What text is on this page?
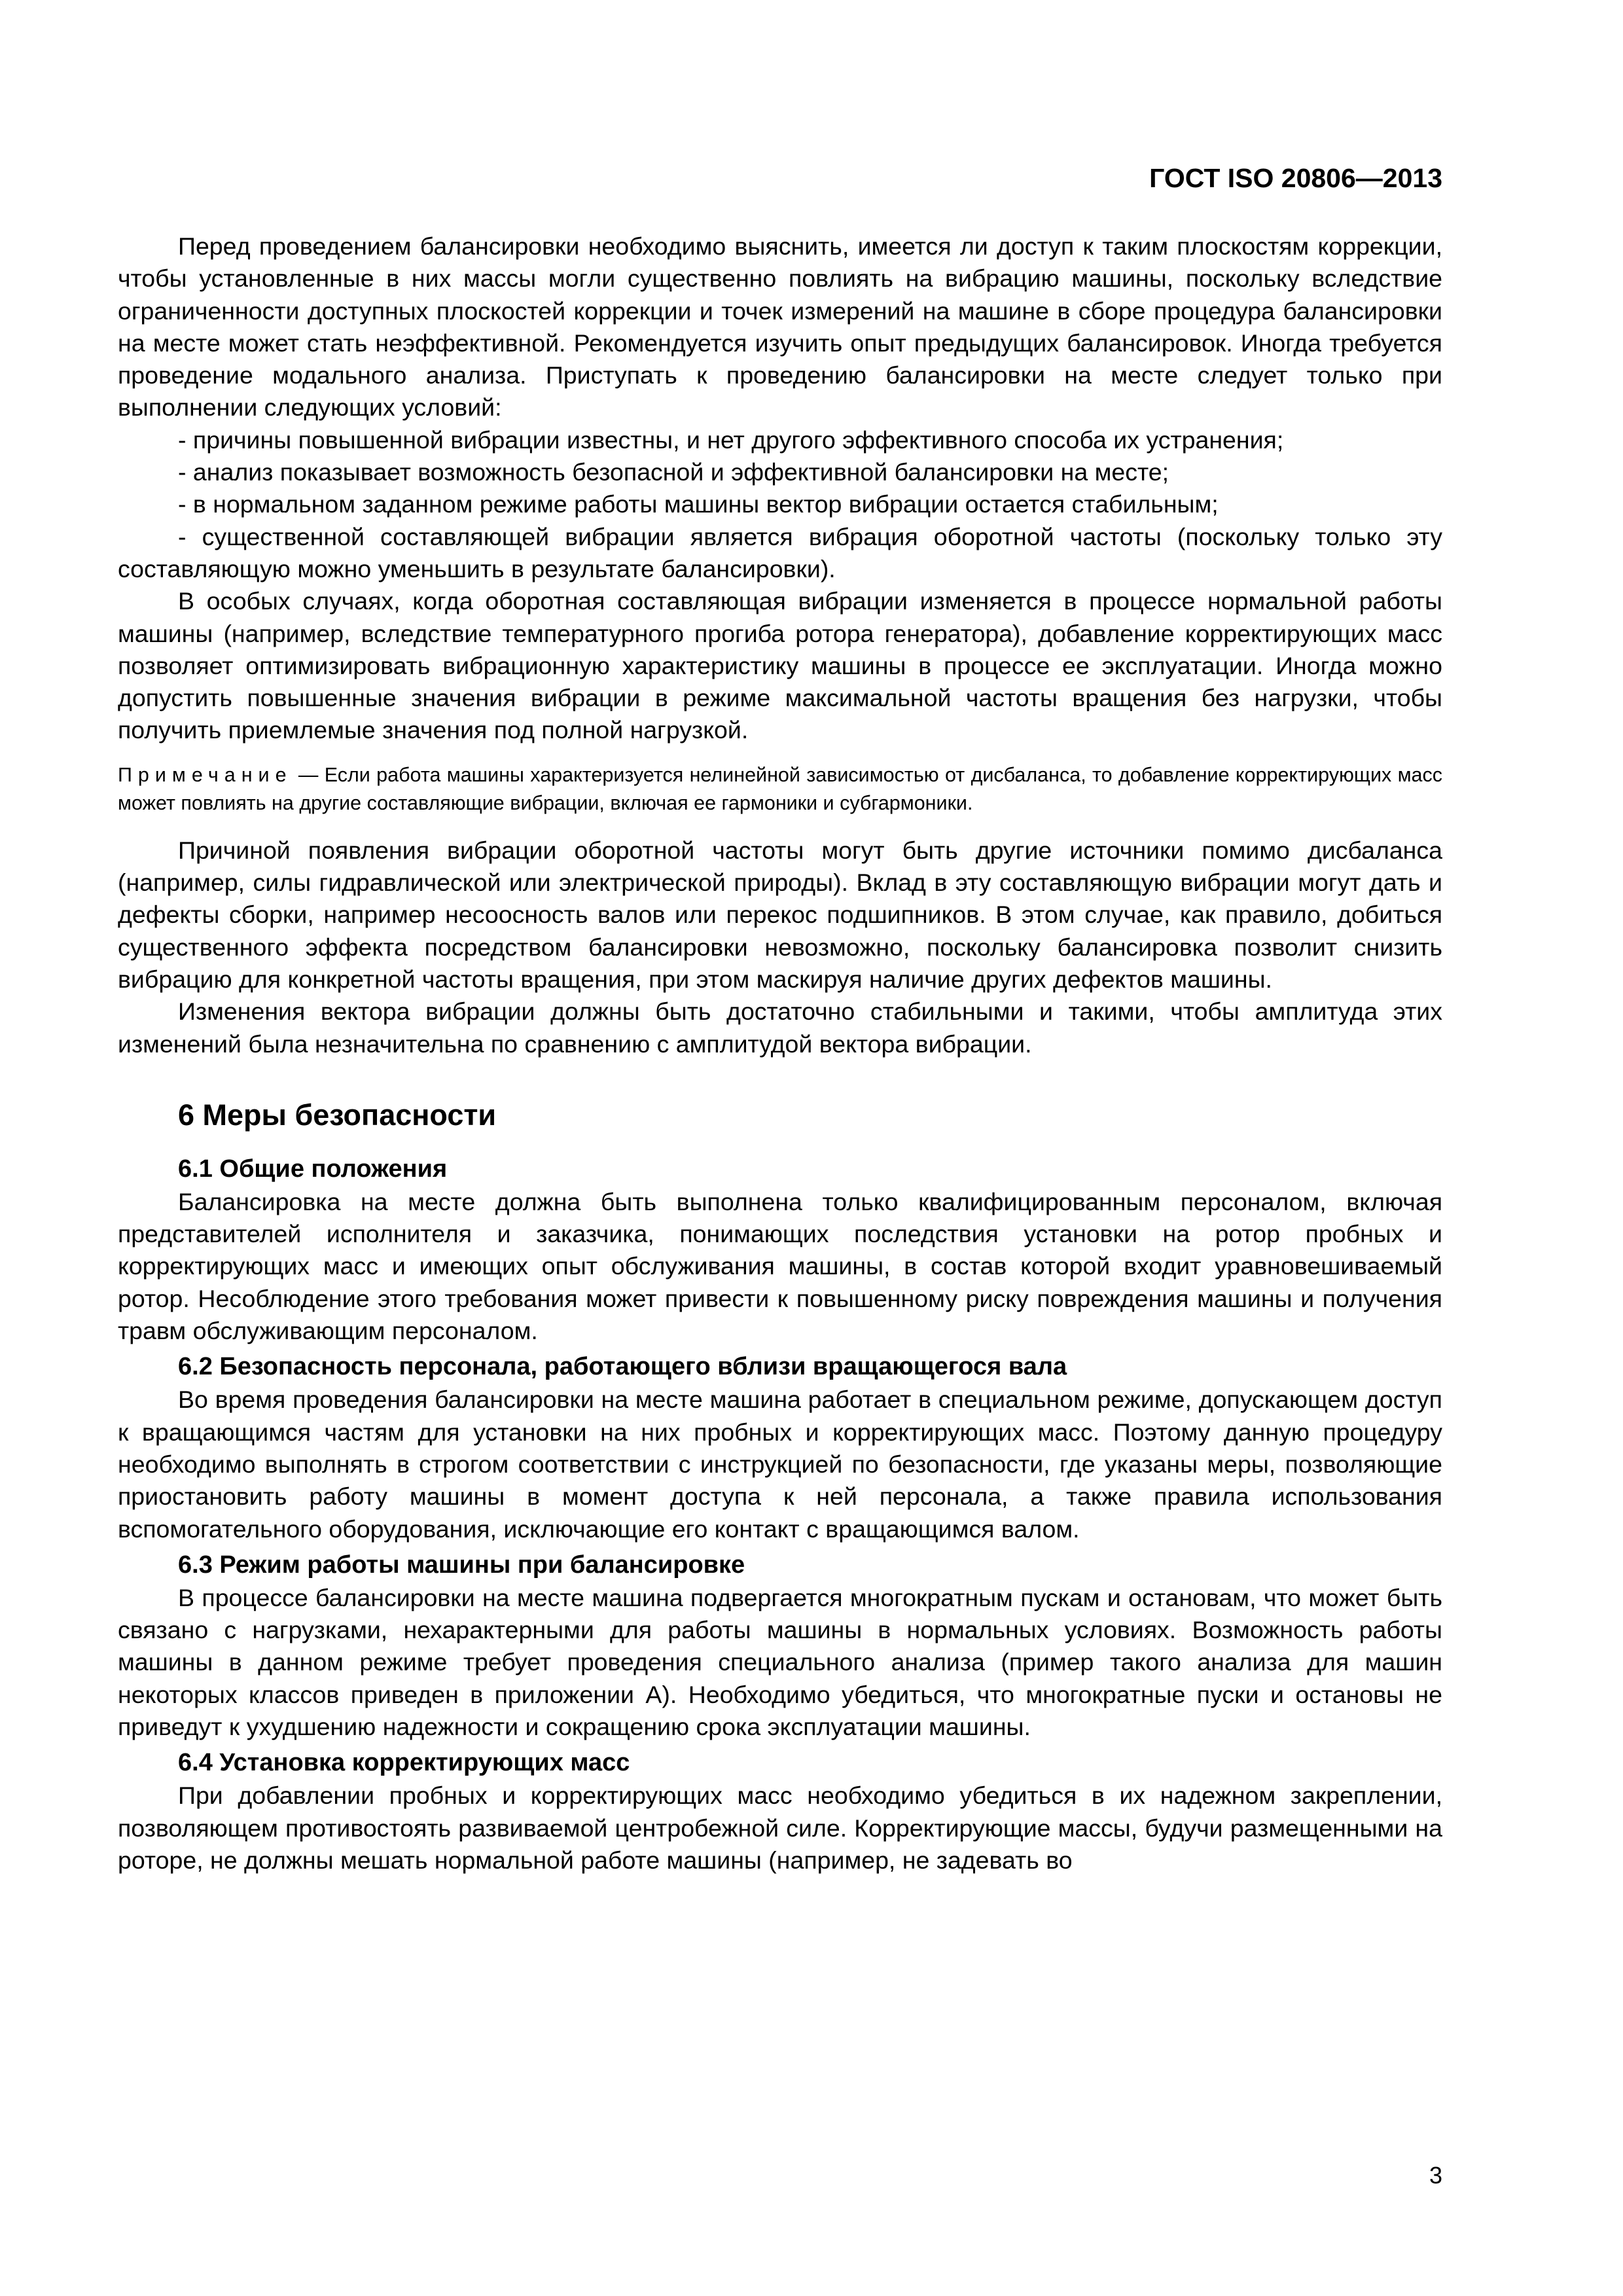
ГОСТ ISO 20806—2013

Перед проведением балансировки необходимо выяснить, имеется ли доступ к таким плоскостям коррекции, чтобы установленные в них массы могли существенно повлиять на вибрацию машины, поскольку вследствие ограниченности доступных плоскостей коррекции и точек измерений на машине в сборе процедура балансировки на месте может стать неэффективной. Рекомендуется изучить опыт предыдущих балансировок. Иногда требуется проведение модального анализа. Приступать к проведению балансировки на месте следует только при выполнении следующих условий:

- причины повышенной вибрации известны, и нет другого эффективного способа их устранения;
- анализ показывает возможность безопасной и эффективной балансировки на месте;
- в нормальном заданном режиме работы машины вектор вибрации остается стабильным;
- существенной составляющей вибрации является вибрация оборотной частоты (поскольку только эту составляющую можно уменьшить в результате балансировки).

В особых случаях, когда оборотная составляющая вибрации изменяется в процессе нормальной работы машины (например, вследствие температурного прогиба ротора генератора), добавление корректирующих масс позволяет оптимизировать вибрационную характеристику машины в процессе ее эксплуатации. Иногда можно допустить повышенные значения вибрации в режиме максимальной частоты вращения без нагрузки, чтобы получить приемлемые значения под полной нагрузкой.

Примечание — Если работа машины характеризуется нелинейной зависимостью от дисбаланса, то добавление корректирующих масс может повлиять на другие составляющие вибрации, включая ее гармоники и субгармоники.

Причиной появления вибрации оборотной частоты могут быть другие источники помимо дисбаланса (например, силы гидравлической или электрической природы). Вклад в эту составляющую вибрации могут дать и дефекты сборки, например несоосность валов или перекос подшипников. В этом случае, как правило, добиться существенного эффекта посредством балансировки невозможно, поскольку балансировка позволит снизить вибрацию для конкретной частоты вращения, при этом маскируя наличие других дефектов машины.

Изменения вектора вибрации должны быть достаточно стабильными и такими, чтобы амплитуда этих изменений была незначительна по сравнению с амплитудой вектора вибрации.

6 Меры безопасности
6.1 Общие положения

Балансировка на месте должна быть выполнена только квалифицированным персоналом, включая представителей исполнителя и заказчика, понимающих последствия установки на ротор пробных и корректирующих масс и имеющих опыт обслуживания машины, в состав которой входит уравновешиваемый ротор. Несоблюдение этого требования может привести к повышенному риску повреждения машины и получения травм обслуживающим персоналом.

6.2 Безопасность персонала, работающего вблизи вращающегося вала

Во время проведения балансировки на месте машина работает в специальном режиме, допускающем доступ к вращающимся частям для установки на них пробных и корректирующих масс. Поэтому данную процедуру необходимо выполнять в строгом соответствии с инструкцией по безопасности, где указаны меры, позволяющие приостановить работу машины в момент доступа к ней персонала, а также правила использования вспомогательного оборудования, исключающие его контакт с вращающимся валом.

6.3 Режим работы машины при балансировке

В процессе балансировки на месте машина подвергается многократным пускам и остановам, что может быть связано с нагрузками, нехарактерными для работы машины в нормальных условиях. Возможность работы машины в данном режиме требует проведения специального анализа (пример такого анализа для машин некоторых классов приведен в приложении А). Необходимо убедиться, что многократные пуски и остановы не приведут к ухудшению надежности и сокращению срока эксплуатации машины.

6.4 Установка корректирующих масс

При добавлении пробных и корректирующих масс необходимо убедиться в их надежном закреплении, позволяющем противостоять развиваемой центробежной силе. Корректирующие массы, будучи размещенными на роторе, не должны мешать нормальной работе машины (например, не задевать во

3
